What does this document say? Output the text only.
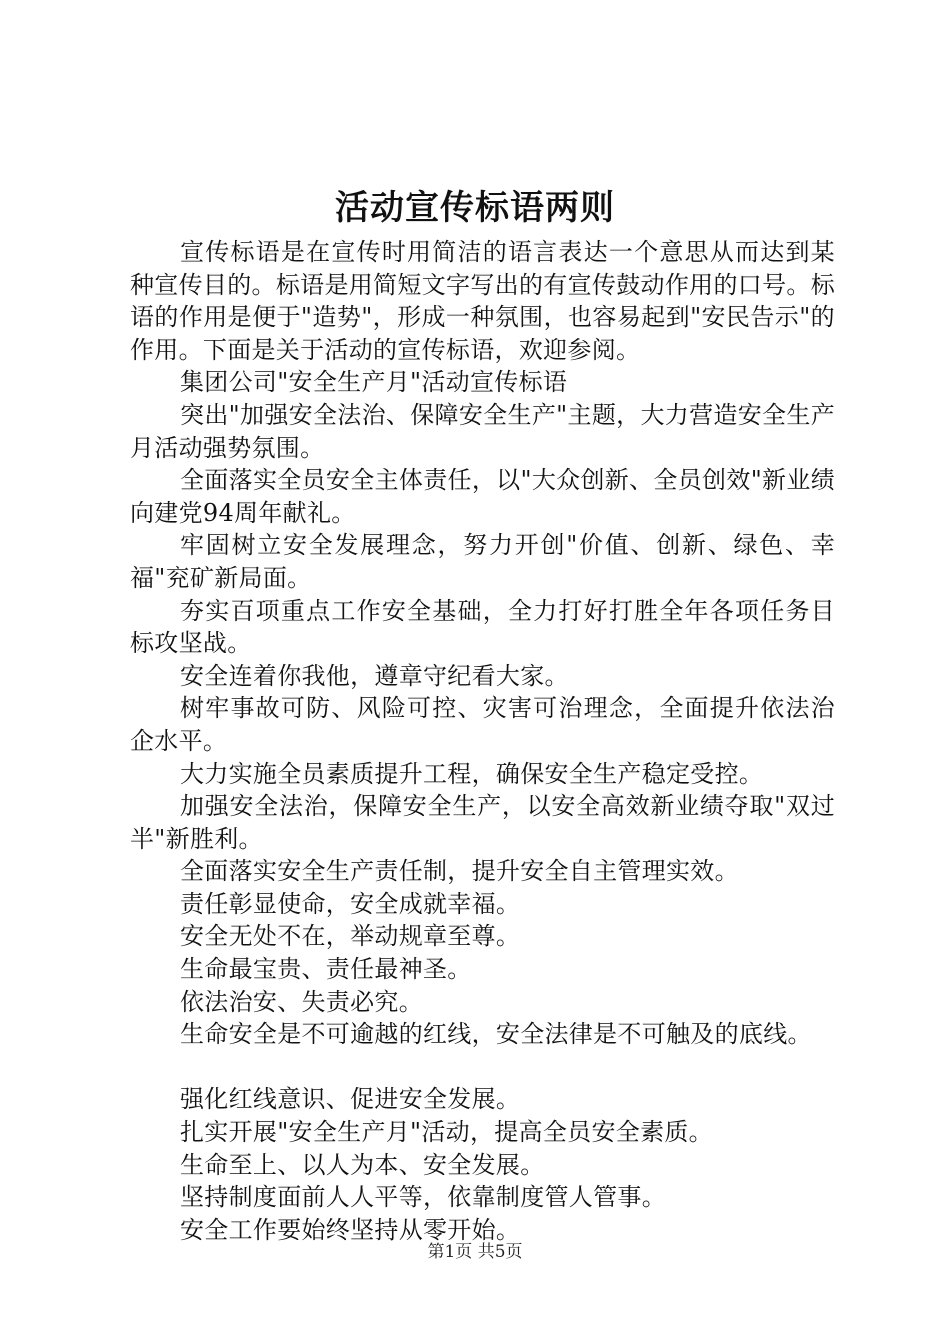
活动宣传标语两则

宣传标语是在宣传时用简洁的语言表达一个意思从而达到某种宣传目的。标语是用简短文字写出的有宣传鼓动作用的口号。标语的作用是便于"造势"，形成一种氛围，也容易起到"安民告示"的作用。下面是关于活动的宣传标语，欢迎参阅。

集团公司"安全生产月"活动宣传标语

突出"加强安全法治、保障安全生产"主题，大力营造安全生产月活动强势氛围。

全面落实全员安全主体责任，以"大众创新、全员创效"新业绩向建党94周年献礼。

牢固树立安全发展理念，努力开创"价值、创新、绿色、幸福"兖矿新局面。

夯实百项重点工作安全基础，全力打好打胜全年各项任务目标攻坚战。

安全连着你我他，遵章守纪看大家。

树牢事故可防、风险可控、灾害可治理念，全面提升依法治企水平。

大力实施全员素质提升工程，确保安全生产稳定受控。

加强安全法治，保障安全生产，以安全高效新业绩夺取"双过半"新胜利。

全面落实安全生产责任制，提升安全自主管理实效。

责任彰显使命，安全成就幸福。

安全无处不在，举动规章至尊。

生命最宝贵、责任最神圣。

依法治安、失责必究。

生命安全是不可逾越的红线，安全法律是不可触及的底线。

强化红线意识、促进安全发展。

扎实开展"安全生产月"活动，提高全员安全素质。

生命至上、以人为本、安全发展。

坚持制度面前人人平等，依靠制度管人管事。

安全工作要始终坚持从零开始。

第1页 共5页
